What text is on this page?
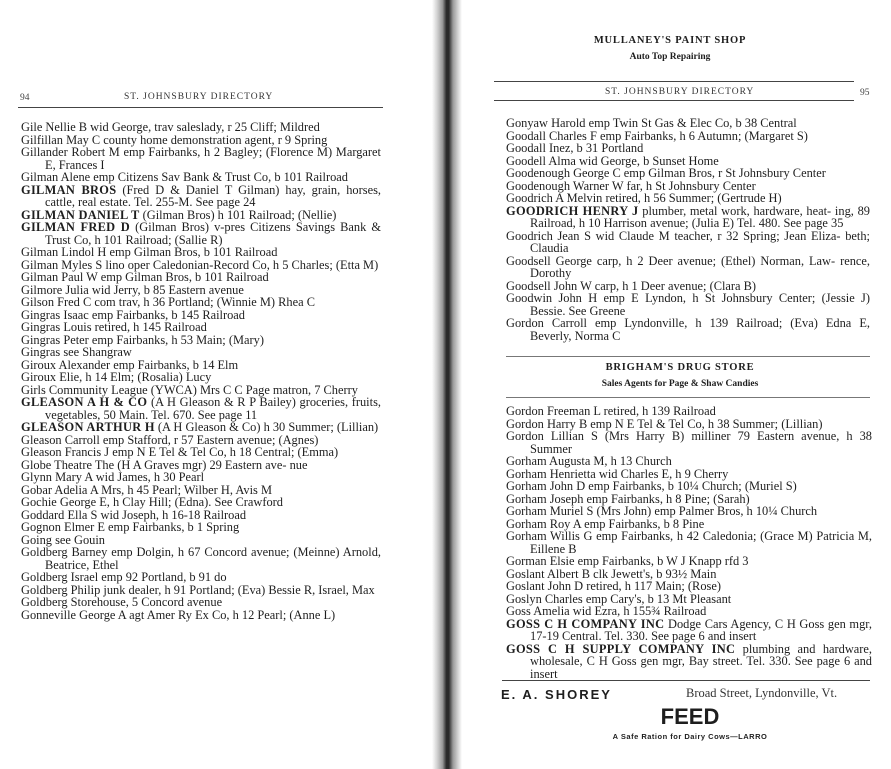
94	ST. JOHNSBURY DIRECTORY
Gile Nellie B wid George, trav saleslady, r 25 Cliff; Mildred
Gilfillan May C county home demonstration agent, r 9 Spring
Gillander Robert M emp Fairbanks, h 2 Bagley; (Florence M) Margaret E, Frances I
Gilman Alene emp Citizens Sav Bank & Trust Co, b 101 Railroad
GILMAN BROS (Fred D & Daniel T Gilman) hay, grain, horses, cattle, real estate. Tel. 255-M. See page 24
GILMAN DANIEL T (Gilman Bros) h 101 Railroad; (Nellie)
GILMAN FRED D (Gilman Bros) v-pres Citizens Savings Bank & Trust Co, h 101 Railroad; (Sallie R)
Gilman Lindol H emp Gilman Bros, b 101 Railroad
Gilman Myles S lino oper Caledonian-Record Co, h 5 Charles; (Etta M)
Gilman Paul W emp Gilman Bros, b 101 Railroad
Gilmore Julia wid Jerry, b 85 Eastern avenue
Gilson Fred C com trav, h 36 Portland; (Winnie M) Rhea C
Gingras Isaac emp Fairbanks, b 145 Railroad
Gingras Louis retired, h 145 Railroad
Gingras Peter emp Fairbanks, h 53 Main; (Mary)
Gingras see Shangraw
Giroux Alexander emp Fairbanks, b 14 Elm
Giroux Elie, h 14 Elm; (Rosalia) Lucy
Girls Community League (YWCA) Mrs C C Page matron, 7 Cherry
GLEASON A H & CO (A H Gleason & R P Bailey) groceries, fruits, vegetables, 50 Main. Tel. 670. See page 11
GLEASON ARTHUR H (A H Gleason & Co) h 30 Summer; (Lillian)
Gleason Carroll emp Stafford, r 57 Eastern avenue; (Agnes)
Gleason Francis J emp N E Tel & Tel Co, h 18 Central; (Emma)
Globe Theatre The (H A Graves mgr) 29 Eastern ave- nue
Glynn Mary A wid James, h 30 Pearl
Gobar Adelia A Mrs, h 45 Pearl; Wilber H, Avis M
Gochie George E, h Clay Hill; (Edna). See Crawford
Goddard Ella S wid Joseph, h 16-18 Railroad
Gognon Elmer E emp Fairbanks, b 1 Spring
Going see Gouin
Goldberg Barney emp Dolgin, h 67 Concord avenue; (Meinne) Arnold, Beatrice, Ethel
Goldberg Israel emp 92 Portland, b 91 do
Goldberg Philip junk dealer, h 91 Portland; (Eva) Bessie R, Israel, Max
Goldberg Storehouse, 5 Concord avenue
Gonneville George A agt Amer Ry Ex Co, h 12 Pearl; (Anne L)
MULLANEY'S PAINT SHOP
Auto Top Repairing
ST. JOHNSBURY DIRECTORY	95
Gonyaw Harold emp Twin St Gas & Elec Co, b 38 Central
Goodall Charles F emp Fairbanks, h 6 Autumn; (Margaret S)
Goodall Inez, b 31 Portland
Goodell Alma wid George, b Sunset Home
Goodenough George C emp Gilman Bros, r St Johnsbury Center
Goodenough Warner W far, h St Johnsbury Center
Goodrich A Melvin retired, h 56 Summer; (Gertrude H)
GOODRICH HENRY J plumber, metal work, hardware, heat- ing, 89 Railroad, h 10 Harrison avenue; (Julia E) Tel. 480. See page 35
Goodrich Jean S wid Claude M teacher, r 32 Spring; Jean Eliza- beth; Claudia
Goodsell George carp, h 2 Deer avenue; (Ethel) Norman, Law- rence, Dorothy
Goodsell John W carp, h 1 Deer avenue; (Clara B)
Goodwin John H emp E Lyndon, h St Johnsbury Center; (Jessie J) Bessie. See Greene
Gordon Carroll emp Lyndonville, h 139 Railroad; (Eva) Edna E, Beverly, Norma C
BRIGHAM'S DRUG STORE
Sales Agents for Page & Shaw Candies
Gordon Freeman L retired, h 139 Railroad
Gordon Harry B emp N E Tel & Tel Co, h 38 Summer; (Lillian)
Gordon Lillian S (Mrs Harry B) milliner 79 Eastern avenue, h 38 Summer
Gorham Augusta M, h 13 Church
Gorham Henrietta wid Charles E, h 9 Cherry
Gorham John D emp Fairbanks, b 10¼ Church; (Muriel S)
Gorham Joseph emp Fairbanks, h 8 Pine; (Sarah)
Gorham Muriel S (Mrs John) emp Palmer Bros, h 10¼ Church
Gorham Roy A emp Fairbanks, b 8 Pine
Gorham Willis G emp Fairbanks, h 42 Caledonia; (Grace M) Patricia M, Eillene B
Gorman Elsie emp Fairbanks, b W J Knapp rfd 3
Goslant Albert B clk Jewett's, b 93½ Main
Goslant John D retired, h 117 Main; (Rose)
Goslyn Charles emp Cary's, b 13 Mt Pleasant
Goss Amelia wid Ezra, h 155¾ Railroad
GOSS C H COMPANY INC Dodge Cars Agency, C H Goss gen mgr, 17-19 Central. Tel. 330. See page 6 and insert
GOSS C H SUPPLY COMPANY INC plumbing and hardware, wholesale, C H Goss gen mgr, Bay street. Tel. 330. See page 6 and insert
E. A. SHOREY	Broad Street, Lyndonville, Vt.
FEED
A Safe Ration for Dairy Cows—LARRO
